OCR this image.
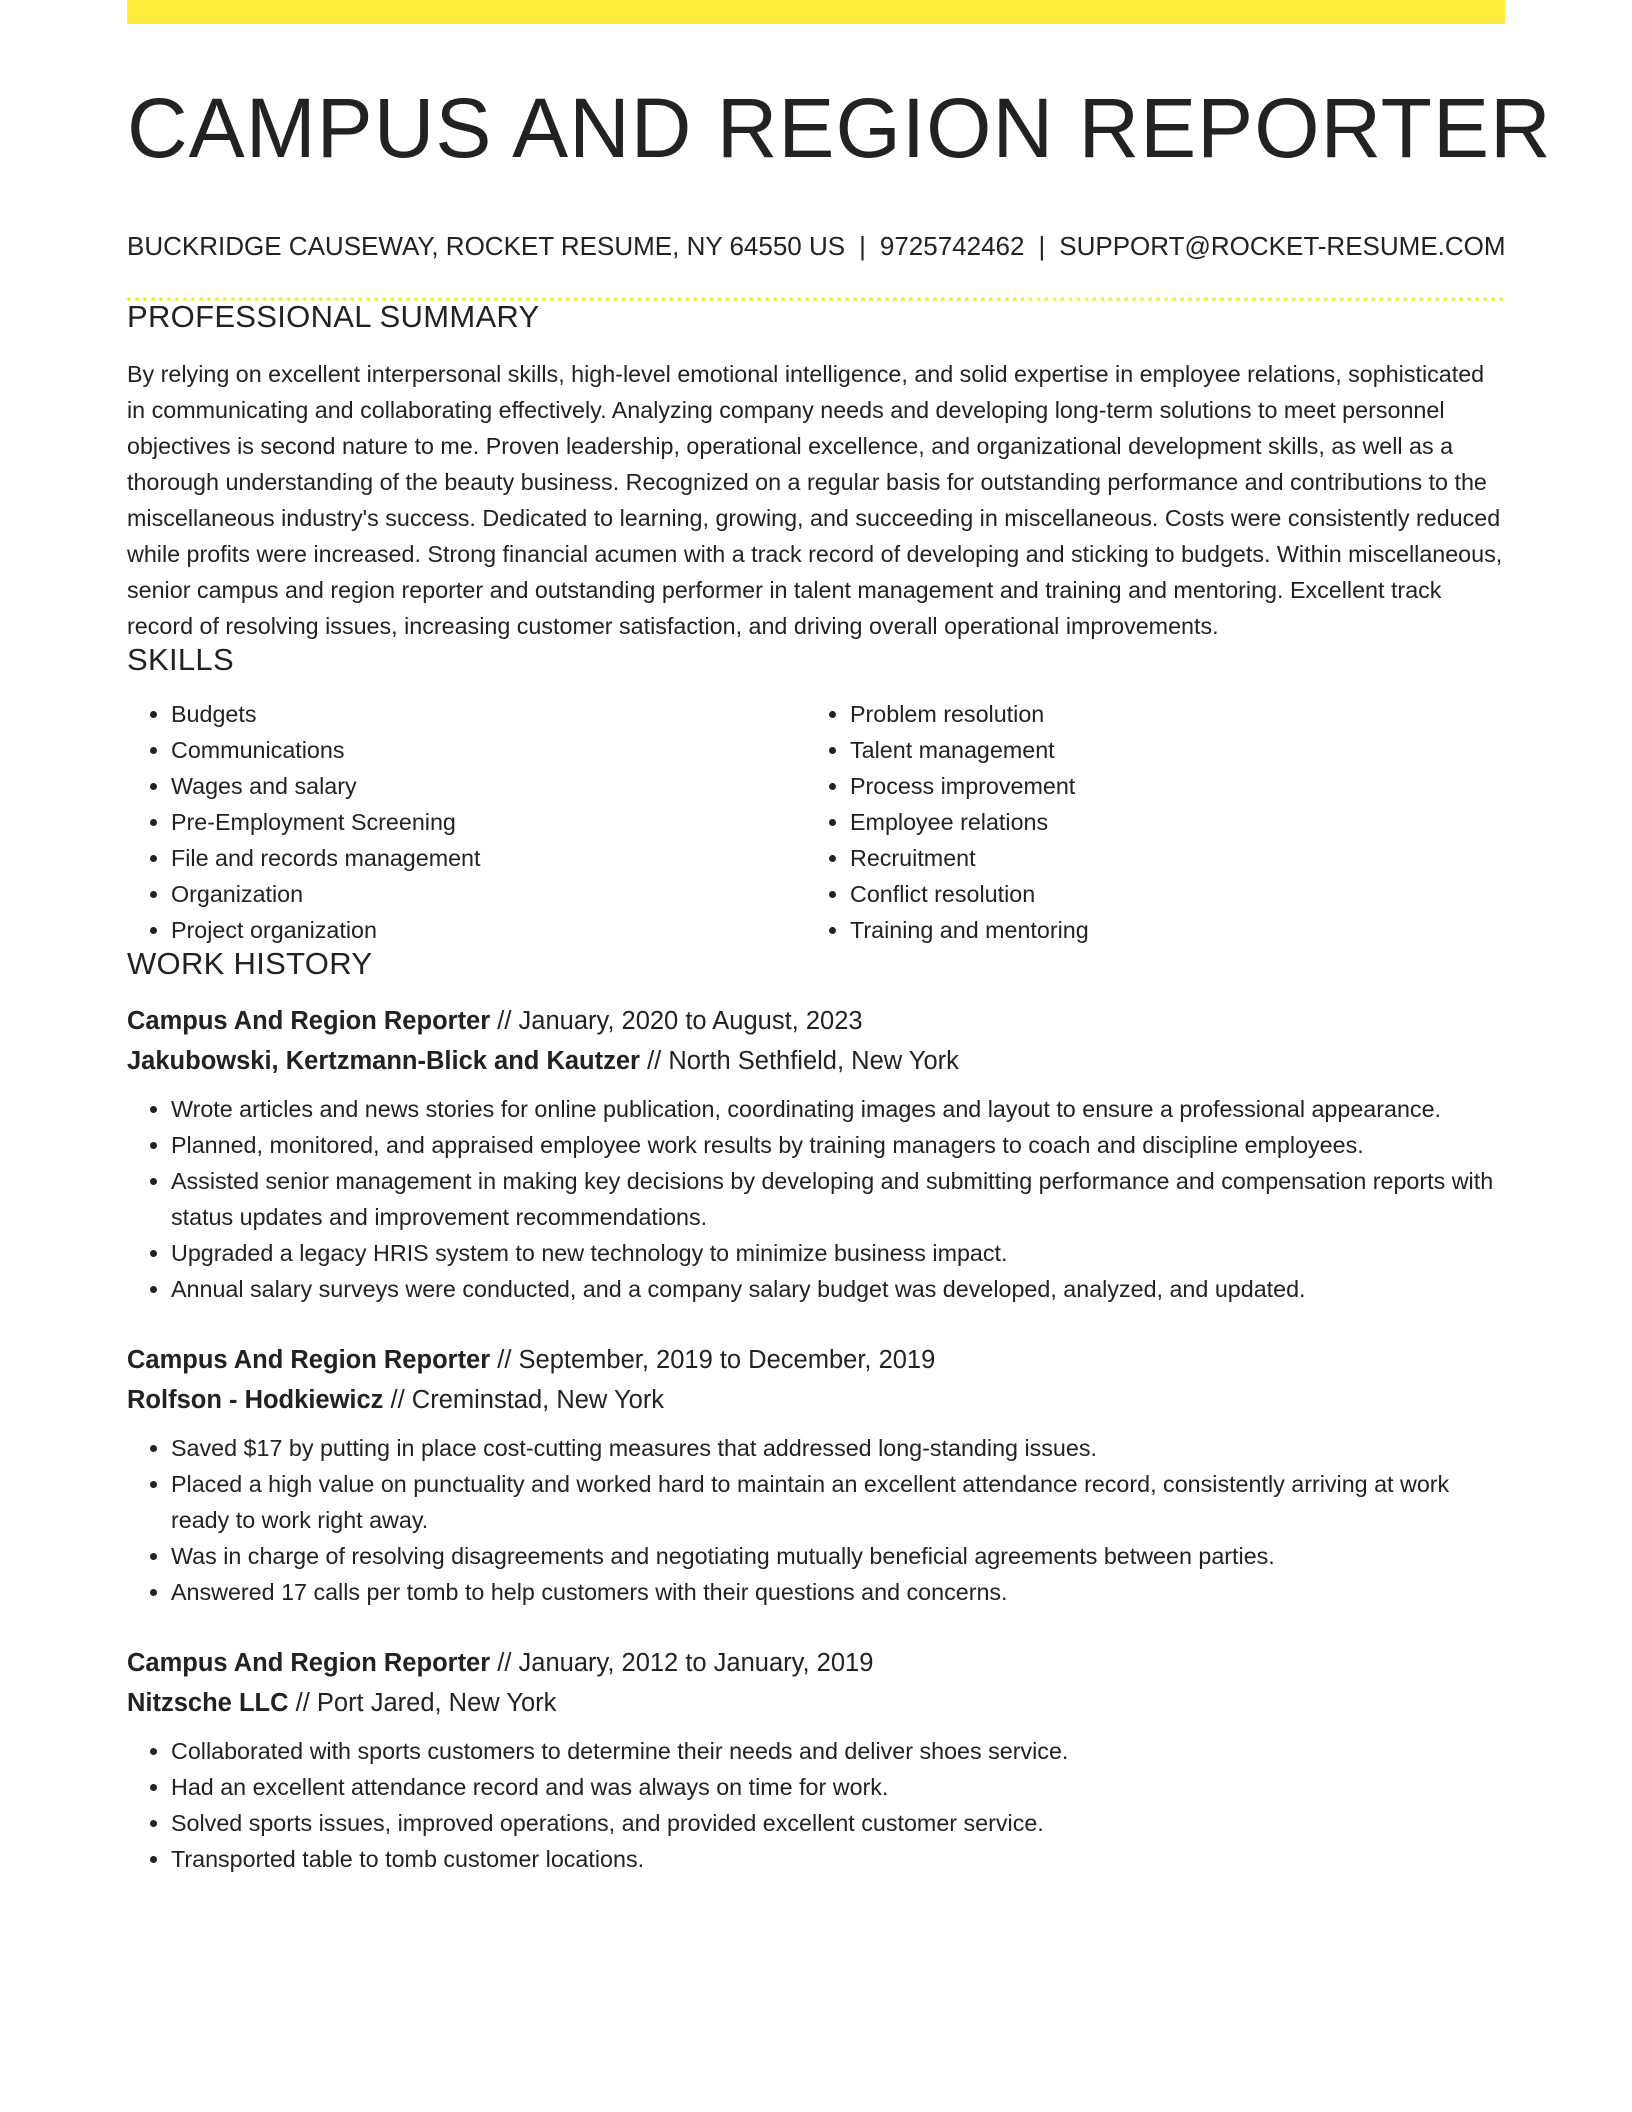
CAMPUS AND REGION REPORTER
BUCKRIDGE CAUSEWAY, ROCKET RESUME, NY 64550 US | 9725742462 | SUPPORT@ROCKET-RESUME.COM
PROFESSIONAL SUMMARY

By relying on excellent interpersonal skills, high-level emotional intelligence, and solid expertise in employee relations, sophisticated in communicating and collaborating effectively. Analyzing company needs and developing long-term solutions to meet personnel objectives is second nature to me. Proven leadership, operational excellence, and organizational development skills, as well as a thorough understanding of the beauty business. Recognized on a regular basis for outstanding performance and contributions to the miscellaneous industry's success. Dedicated to learning, growing, and succeeding in miscellaneous. Costs were consistently reduced while profits were increased. Strong financial acumen with a track record of developing and sticking to budgets. Within miscellaneous, senior campus and region reporter and outstanding performer in talent management and training and mentoring. Excellent track record of resolving issues, increasing customer satisfaction, and driving overall operational improvements.

SKILLS
• Budgets
• Communications
• Wages and salary
• Pre-Employment Screening
• File and records management
• Organization
• Project organization
• Problem resolution
• Talent management
• Process improvement
• Employee relations
• Recruitment
• Conflict resolution
• Training and mentoring
WORK HISTORY
Campus And Region Reporter // January, 2020 to August, 2023
Jakubowski, Kertzmann-Blick and Kautzer // North Sethfield, New York
• Wrote articles and news stories for online publication, coordinating images and layout to ensure a professional appearance.
• Planned, monitored, and appraised employee work results by training managers to coach and discipline employees.
• Assisted senior management in making key decisions by developing and submitting performance and compensation reports with status updates and improvement recommendations.
• Upgraded a legacy HRIS system to new technology to minimize business impact.
• Annual salary surveys were conducted, and a company salary budget was developed, analyzed, and updated.
Campus And Region Reporter // September, 2019 to December, 2019
Rolfson - Hodkiewicz // Creminstad, New York
• Saved $17 by putting in place cost-cutting measures that addressed long-standing issues.
• Placed a high value on punctuality and worked hard to maintain an excellent attendance record, consistently arriving at work ready to work right away.
• Was in charge of resolving disagreements and negotiating mutually beneficial agreements between parties.
• Answered 17 calls per tomb to help customers with their questions and concerns.
Campus And Region Reporter // January, 2012 to January, 2019
Nitzsche LLC // Port Jared, New York
• Collaborated with sports customers to determine their needs and deliver shoes service.
• Had an excellent attendance record and was always on time for work.
• Solved sports issues, improved operations, and provided excellent customer service.
• Transported table to tomb customer locations.
